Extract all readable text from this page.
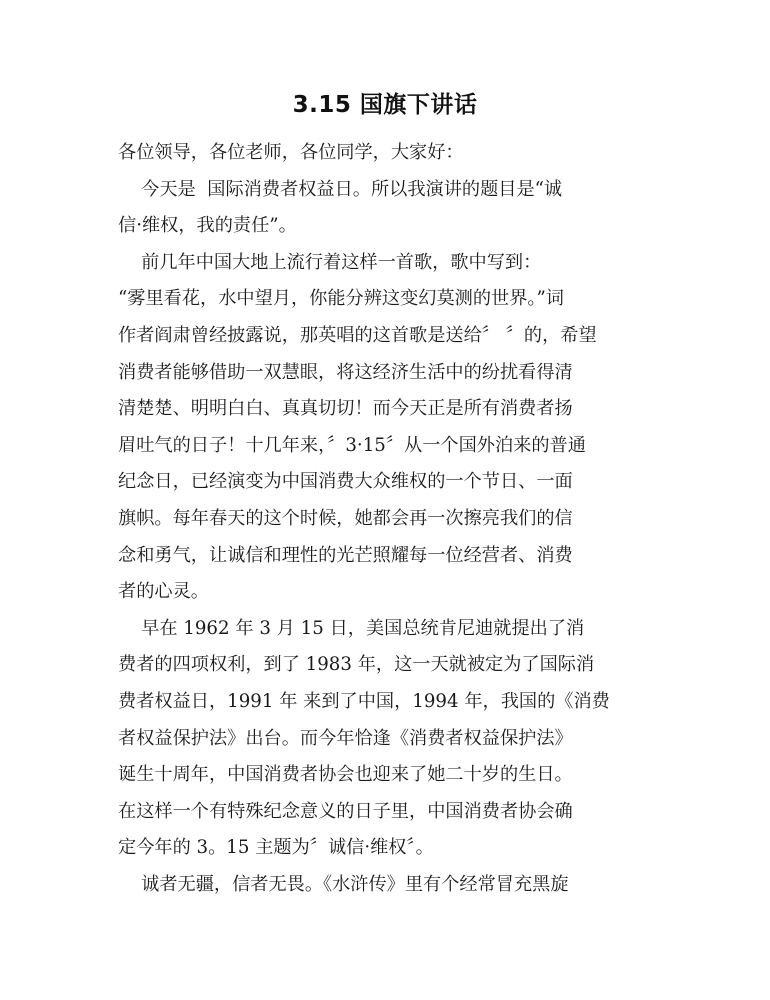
3.15 国旗下讲话
各位领导，各位老师，各位同学，大家好：
今天是  国际消费者权益日。所以我演讲的题目是“诚
信·维权，我的责任”。
前几年中国大地上流行着这样一首歌，歌中写到：
“雾里看花，水中望月，你能分辨这变幻莫测的世界。”词
作者阎肃曾经披露说，那英唱的这首歌是送给〞 〞的，希望
消费者能够借助一双慧眼，将这经济生活中的纷扰看得清
清楚楚、明明白白、真真切切！而今天正是所有消费者扬
眉吐气的日子！十几年来，〞3·15〞从一个国外泊来的普通
纪念日，已经演变为中国消费大众维权的一个节日、一面
旗帜。每年春天的这个时候，她都会再一次擦亮我们的信
念和勇气，让诚信和理性的光芒照耀每一位经营者、消费
者的心灵。
早在 1962 年 3 月 15 日，美国总统肯尼迪就提出了消
费者的四项权利，到了 1983 年，这一天就被定为了国际消
费者权益日，1991 年 来到了中国，1994 年，我国的《消费
者权益保护法》出台。而今年恰逢《消费者权益保护法》
诞生十周年，中国消费者协会也迎来了她二十岁的生日。
在这样一个有特殊纪念意义的日子里，中国消费者协会确
定今年的 3。15 主题为〞诚信·维权〞。
诚者无疆，信者无畏。《水浒传》里有个经常冒充黑旋
